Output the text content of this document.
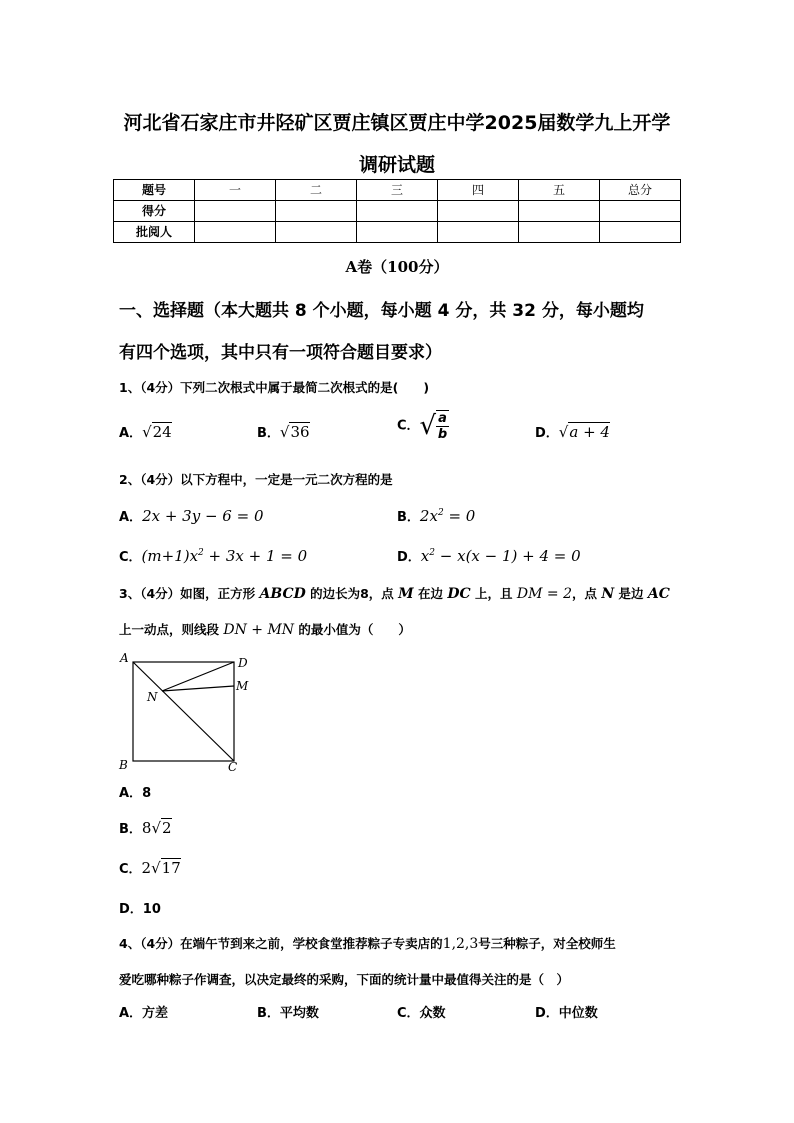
河北省石家庄市井陉矿区贾庄镇区贾庄中学2025届数学九上开学
调研试题
题号	一	二	三	四	五	总分
得分						
批阅人						
A卷（100分）
一、选择题（本大题共 8 个小题，每小题 4 分，共 32 分，每小题均
有四个选项，其中只有一项符合题目要求）
1、（4分）下列二次根式中属于最简二次根式的是(　　)
A．√24	B．√36	C．√ $\frac{a}{b}$	D．√a + 4
2、（4分）以下方程中，一定是一元二次方程的是
A．2x + 3y − 6 = 0	B．$2x^2 = 0$
C．$(m+1)x^2 + 3x + 1 = 0$	D．$x^2 - x(x - 1) + 4 = 0$
3、（4分）如图，正方形 ABCD 的边长为8，点 M 在边 DC 上，且 DM = 2，点 N 是边 AC
上一动点，则线段 DN + MN 的最小值为（　　）
A	D
M
N
B	C
A．8
B．8√2
C．2√17
D．10
4、（4分）在端午节到来之前，学校食堂推荐粽子专卖店的1,2,3号三种粽子，对全校师生
爱吃哪种粽子作调查，以决定最终的采购，下面的统计量中最值得关注的是（　）
A．方差	B．平均数	C．众数	D．中位数
